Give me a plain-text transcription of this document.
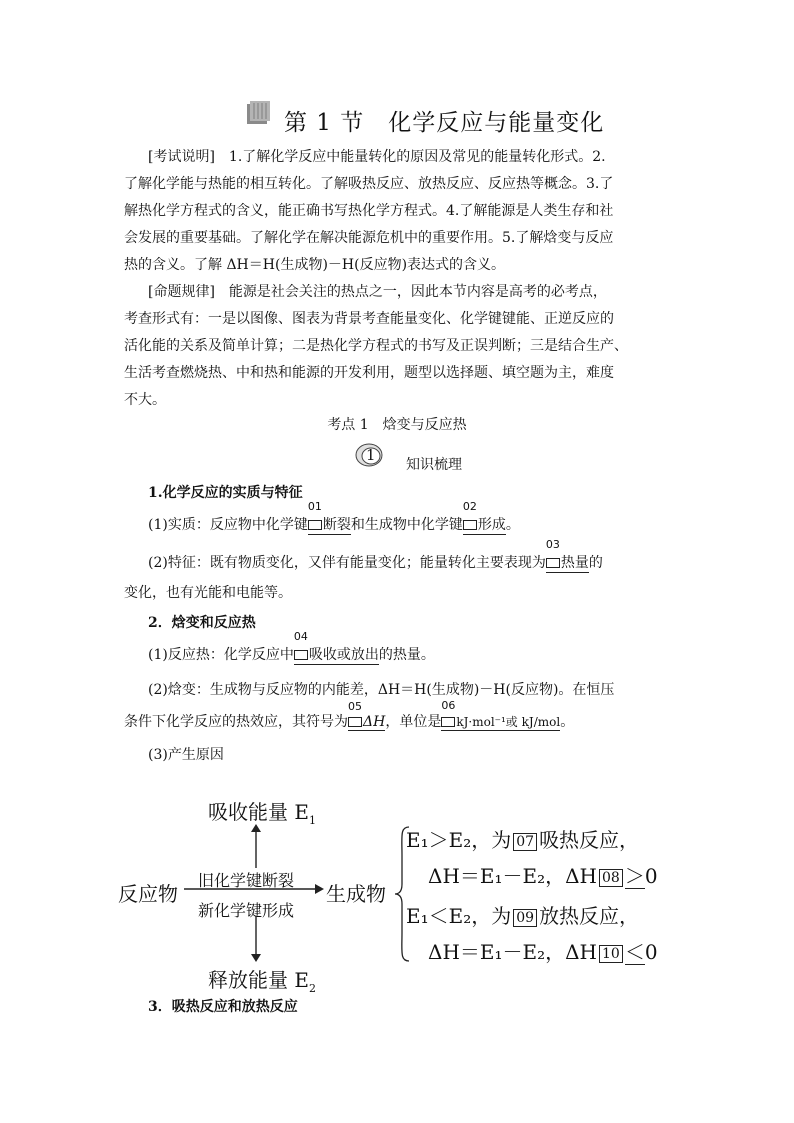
第 1 节　化学反应与能量变化
[考试说明]　1.了解化学反应中能量转化的原因及常见的能量转化形式。2.
了解化学能与热能的相互转化。了解吸热反应、放热反应、反应热等概念。3.了
解热化学方程式的含义，能正确书写热化学方程式。4.了解能源是人类生存和社
会发展的重要基础。了解化学在解决能源危机中的重要作用。5.了解焓变与反应
热的含义。了解 ΔH＝H(生成物)－H(反应物)表达式的含义。
[命题规律]　能源是社会关注的热点之一，因此本节内容是高考的必考点，
考查形式有：一是以图像、图表为背景考查能量变化、化学键键能、正逆反应的
活化能的关系及简单计算；二是热化学方程式的书写及正误判断；三是结合生产、
生活考查燃烧热、中和热和能源的开发利用，题型以选择题、填空题为主，难度
不大。
考点 1　焓变与反应热
1
知识梳理
1.化学反应的实质与特征
(1)实质：反应物中化学键
01
断裂和生成物中化学键
02
形成。
(2)特征：既有物质变化，又伴有能量变化；能量转化主要表现为
03
热量的
变化，也有光能和电能等。
2．焓变和反应热
(1)反应热：化学反应中
04
吸收或放出的热量。
(2)焓变：生成物与反应物的内能差，ΔH＝H(生成物)－H(反应物)。在恒压
条件下化学反应的热效应，其符号为
05
ΔH，单位是
06
kJ·mol⁻¹或 kJ/mol。
(3)产生原因
吸收能量 $E_1$
反应物
旧化学键断裂
新化学键形成
生成物
释放能量 $E_2$
E₁＞E₂，为 07 吸热反应，
ΔH＝E₁－E₂，ΔH 08 ＞0
E₁＜E₂，为 09 放热反应，
ΔH＝E₁－E₂，ΔH 10 ＜0
3．吸热反应和放热反应
